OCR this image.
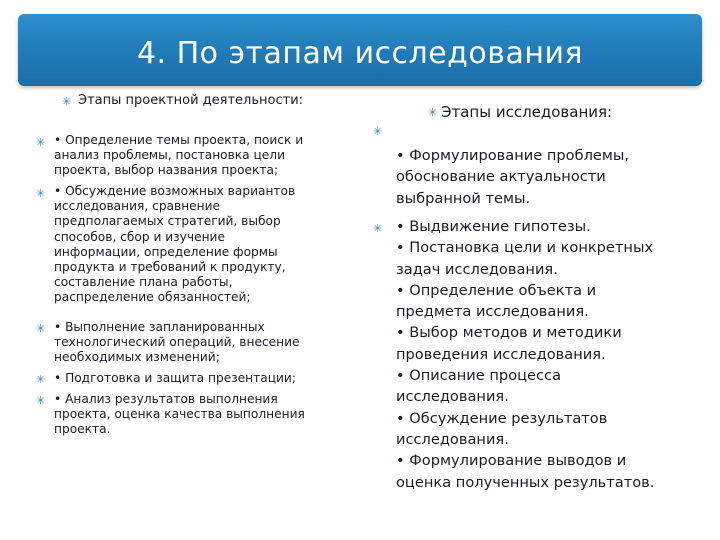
4. По этапам исследования
✳ Этапы проектной деятельности:
✳ • Определение темы проекта, поиск и
анализ проблемы, постановка цели
проекта, выбор названия проекта;
✳ • Обсуждение возможных вариантов
исследования, сравнение
предполагаемых стратегий, выбор
способов, сбор и изучение
информации, определение формы
продукта и требований к продукту,
составление плана работы,
распределение обязанностей;
✳ • Выполнение запланированных
технологический операций, внесение
необходимых изменений;
✳ • Подготовка и защита презентации;
✳ • Анализ результатов выполнения
проекта, оценка качества выполнения
проекта.
✳ Этапы исследования:
✳
• Формулирование проблемы,
обоснование актуальности
выбранной темы.
✳ • Выдвижение гипотезы.
• Постановка цели и конкретных
задач исследования.
• Определение объекта и
предмета исследования.
• Выбор методов и методики
проведения исследования.
• Описание процесса
исследования.
• Обсуждение результатов
исследования.
• Формулирование выводов и
оценка полученных результатов.
